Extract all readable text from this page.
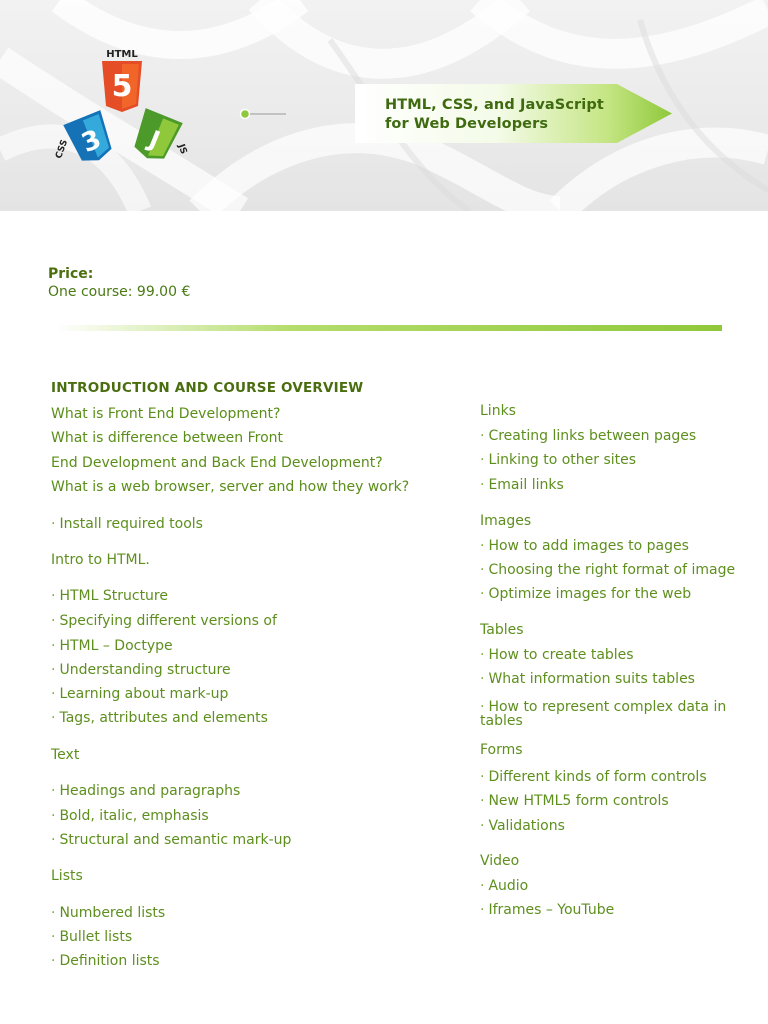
HTML
5
3 J
CSS	JS
HTML, CSS, and JavaScript
for Web Developers
Price:
One course: 99.00 €
INTRODUCTION AND COURSE OVERVIEW
What is Front End Development?
What is difference between Front
End Development and Back End Development?
What is a web browser, server and how they work?
· Install required tools
Intro to HTML.
· HTML Structure
· Specifying different versions of
· HTML – Doctype
· Understanding structure
· Learning about mark-up
· Tags, attributes and elements
Text
· Headings and paragraphs
· Bold, italic, emphasis
· Structural and semantic mark-up
Lists
· Numbered lists
· Bullet lists
· Definition lists
Links
· Creating links between pages
· Linking to other sites
· Email links
Images
· How to add images to pages
· Choosing the right format of image
· Optimize images for the web
Tables
· How to create tables
· What information suits tables
· How to represent complex data in tables
Forms
· Different kinds of form controls
· New HTML5 form controls
· Validations
Video
· Audio
· Iframes – YouTube
